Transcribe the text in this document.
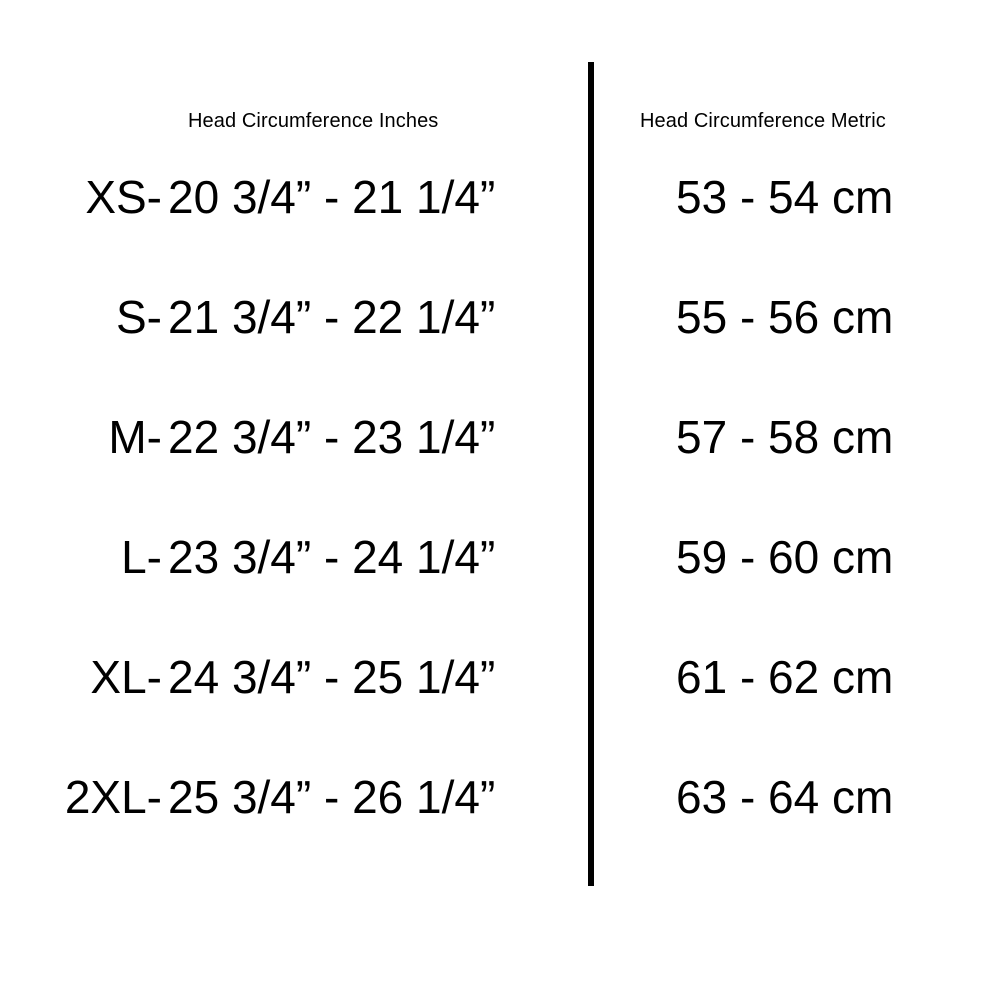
Head Circumference Inches	Head Circumference Metric
XS- 20 3/4” - 21 1/4”	53 - 54 cm
S- 21 3/4” - 22 1/4”	55 - 56 cm
M- 22 3/4” - 23 1/4”	57 - 58 cm
L- 23 3/4” - 24 1/4”	59 - 60 cm
XL- 24 3/4” - 25 1/4”	61 - 62 cm
2XL- 25 3/4” - 26 1/4”	63 - 64 cm
